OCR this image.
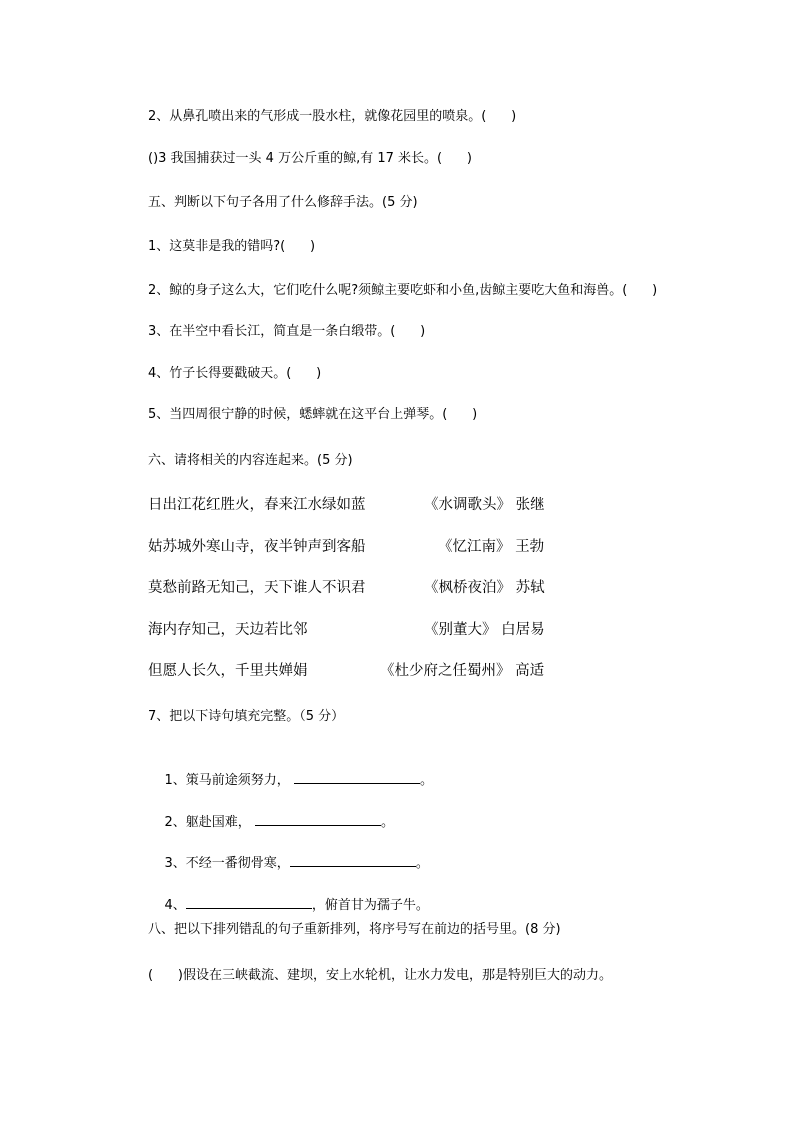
2、从鼻孔喷出来的气形成一股水柱，就像花园里的喷泉。(      )
()3 我国捕获过一头 4 万公斤重的鲸,有 17 米长。(      )
五、判断以下句子各用了什么修辞手法。(5 分)
1、这莫非是我的错吗?(      )
2、鲸的身子这么大，它们吃什么呢?须鲸主要吃虾和小鱼,齿鲸主要吃大鱼和海兽。(      )
3、在半空中看长江，简直是一条白缎带。(      )
4、竹子长得要戳破天。(      )
5、当四周很宁静的时候，蟋蟀就在这平台上弹琴。(      )
六、请将相关的内容连起来。(5 分)
日出江花红胜火，春来江水绿如蓝	《水调歌头》 张继
姑苏城外寒山寺，夜半钟声到客船	《忆江南》 王勃
莫愁前路无知己，天下谁人不识君	《枫桥夜泊》 苏轼
海内存知己，天边若比邻	《别董大》 白居易
但愿人长久，千里共婵娟	《杜少府之任蜀州》 高适
7、把以下诗句填充完整。（5 分）

1、策马前途须努力，	。

2、躯赴国难，	。

3、不经一番彻骨寒，	。

4、	，俯首甘为孺子牛。

八、把以下排列错乱的句子重新排列，将序号写在前边的括号里。(8 分)
(      )假设在三峡截流、建坝，安上水轮机，让水力发电，那是特别巨大的动力。
